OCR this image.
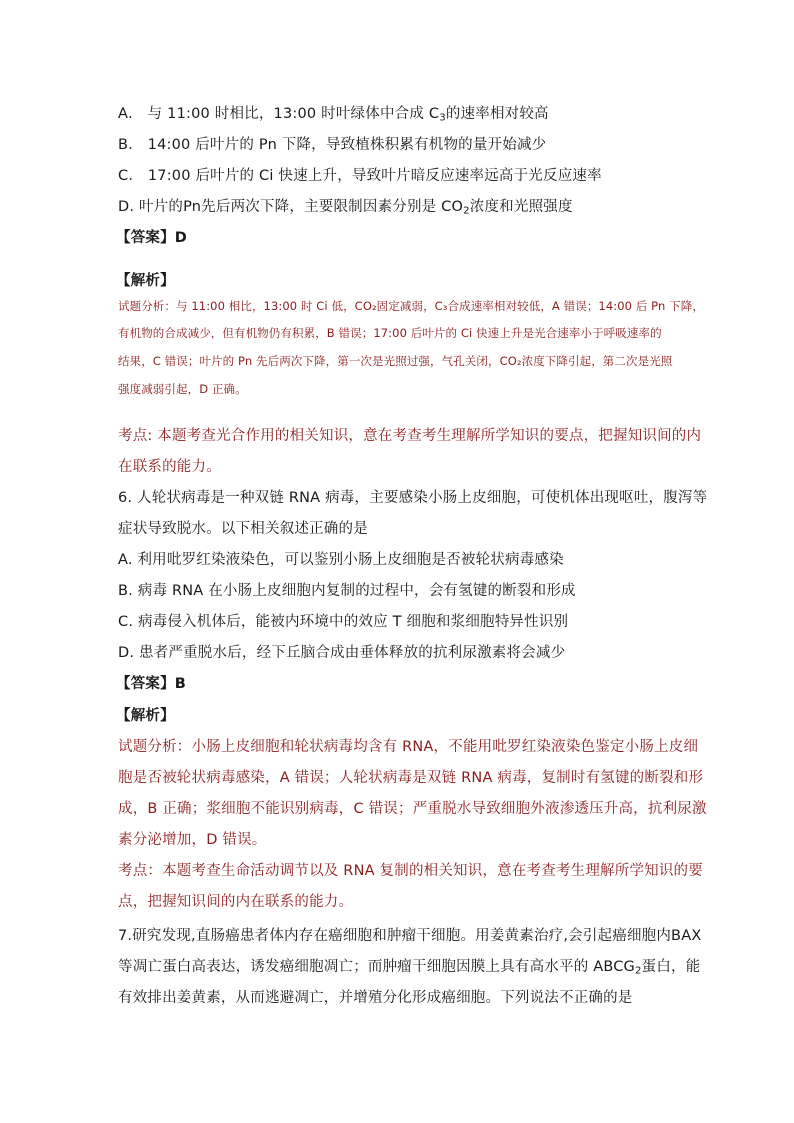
A． 与 11:00 时相比，13:00 时叶绿体中合成 $C_3$的速率相对较高
B． 14:00 后叶片的 Pn 下降，导致植株积累有机物的量开始减少
C． 17:00 后叶片的 Ci 快速上升，导致叶片暗反应速率远高于光反应速率
D. 叶片的Pn先后两次下降，主要限制因素分别是 $CO_2$浓度和光照强度
【答案】D
【解析】
试题分析：与 11:00 相比，13:00 时 Ci 低，CO₂固定减弱，C₃合成速率相对较低，A 错误；14:00 后 Pn 下降，
有机物的合成减少，但有机物仍有积累，B 错误；17:00 后叶片的 Ci 快速上升是光合速率小于呼吸速率的
结果，C 错误；叶片的 Pn 先后两次下降，第一次是光照过强，气孔关闭，CO₂浓度下降引起，第二次是光照
强度减弱引起，D 正确。
考点: 本题考查光合作用的相关知识，意在考查考生理解所学知识的要点，把握知识间的内
在联系的能力。
6. 人轮状病毒是一种双链 RNA 病毒，主要感染小肠上皮细胞，可使机体出现呕吐，腹泻等
症状导致脱水。以下相关叙述正确的是
A. 利用吡罗红染液染色，可以鉴别小肠上皮细胞是否被轮状病毒感染
B. 病毒 RNA 在小肠上皮细胞内复制的过程中，会有氢键的断裂和形成
C. 病毒侵入机体后，能被内环境中的效应 T 细胞和浆细胞特异性识别
D. 患者严重脱水后，经下丘脑合成由垂体释放的抗利尿激素将会减少
【答案】B
【解析】
试题分析：小肠上皮细胞和轮状病毒均含有 RNA，不能用吡罗红染液染色鉴定小肠上皮细
胞是否被轮状病毒感染，A 错误；人轮状病毒是双链 RNA 病毒，复制时有氢键的断裂和形
成，B 正确；浆细胞不能识别病毒，C 错误；严重脱水导致细胞外液渗透压升高，抗利尿激
素分泌增加，D 错误。
考点：本题考查生命活动调节以及 RNA 复制的相关知识，意在考查考生理解所学知识的要
点，把握知识间的内在联系的能力。
7.研究发现,直肠癌患者体内存在癌细胞和肿瘤干细胞。用姜黄素治疗,会引起癌细胞内BAX
等凋亡蛋白高表达，诱发癌细胞凋亡；而肿瘤干细胞因膜上具有高水平的 $ABCG_2$蛋白，能
有效排出姜黄素，从而逃避凋亡，并增殖分化形成癌细胞。下列说法不正确的是
